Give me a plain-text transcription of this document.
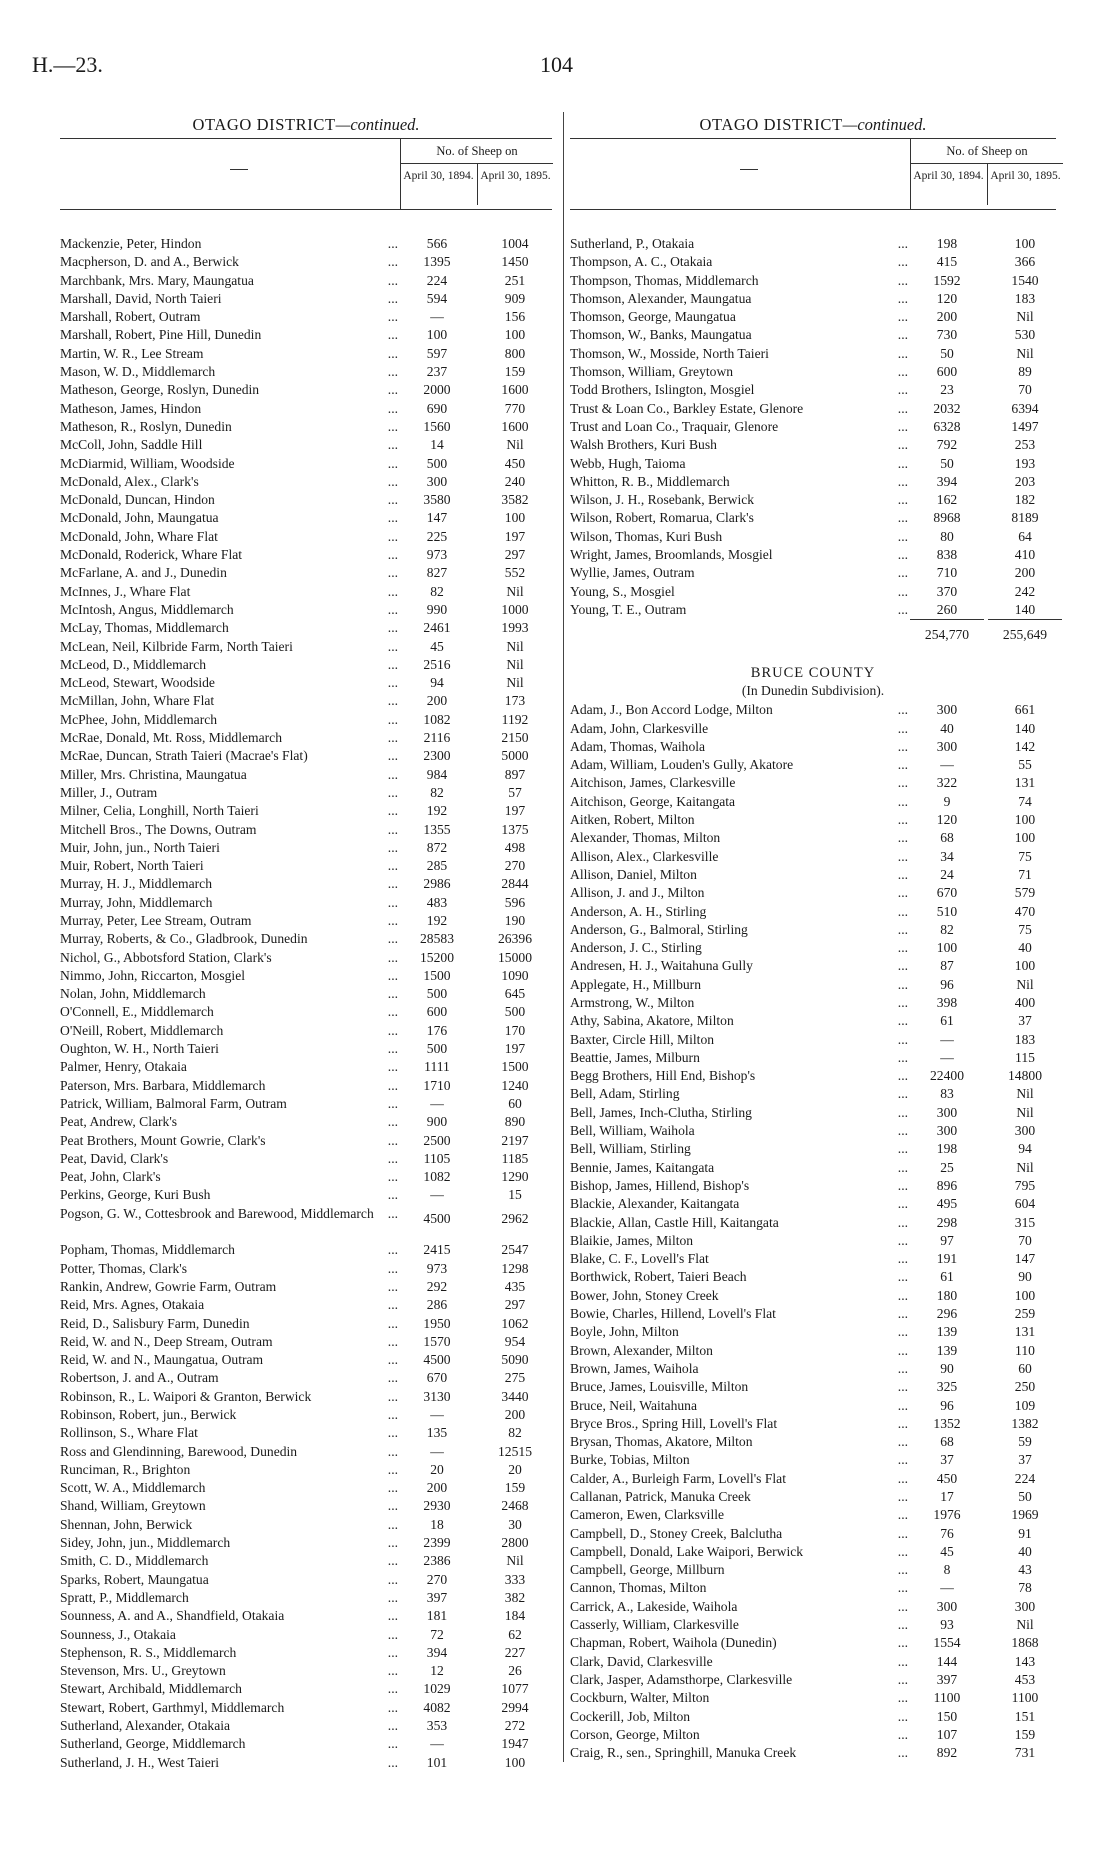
H.—23.	104
OTAGO DISTRICT—continued.
No. of Sheep on
April 30, 1894. April 30, 1895.
Mackenzie, Peter, Hindon	...	566	1004
Macpherson, D. and A., Berwick	...	1395	1450
Marchbank, Mrs. Mary, Maungatua	...	224	251
Marshall, David, North Taieri	...	594	909
Marshall, Robert, Outram	...	—	156
Marshall, Robert, Pine Hill, Dunedin	...	100	100
Martin, W. R., Lee Stream	...	597	800
Mason, W. D., Middlemarch	...	237	159
Matheson, George, Roslyn, Dunedin	...	2000	1600
Matheson, James, Hindon	...	690	770
Matheson, R., Roslyn, Dunedin	...	1560	1600
McColl, John, Saddle Hill	...	14	Nil
McDiarmid, William, Woodside	...	500	450
McDonald, Alex., Clark's	...	300	240
McDonald, Duncan, Hindon	...	3580	3582
McDonald, John, Maungatua	...	147	100
McDonald, John, Whare Flat	...	225	197
McDonald, Roderick, Whare Flat	...	973	297
McFarlane, A. and J., Dunedin	...	827	552
McInnes, J., Whare Flat	...	82	Nil
McIntosh, Angus, Middlemarch	...	990	1000
McLay, Thomas, Middlemarch	...	2461	1993
McLean, Neil, Kilbride Farm, North Taieri	...	45	Nil
McLeod, D., Middlemarch	...	2516	Nil
McLeod, Stewart, Woodside	...	94	Nil
McMillan, John, Whare Flat	...	200	173
McPhee, John, Middlemarch	...	1082	1192
McRae, Donald, Mt. Ross, Middlemarch	...	2116	2150
McRae, Duncan, Strath Taieri (Macrae's Flat)	...	2300	5000
Miller, Mrs. Christina, Maungatua	...	984	897
Miller, J., Outram	...	82	57
Milner, Celia, Longhill, North Taieri	...	192	197
Mitchell Bros., The Downs, Outram	...	1355	1375
Muir, John, jun., North Taieri	...	872	498
Muir, Robert, North Taieri	...	285	270
Murray, H. J., Middlemarch	...	2986	2844
Murray, John, Middlemarch	...	483	596
Murray, Peter, Lee Stream, Outram	...	192	190
Murray, Roberts, & Co., Gladbrook, Dunedin	...	28583	26396
Nichol, G., Abbotsford Station, Clark's	...	15200	15000
Nimmo, John, Riccarton, Mosgiel	...	1500	1090
Nolan, John, Middlemarch	...	500	645
O'Connell, E., Middlemarch	...	600	500
O'Neill, Robert, Middlemarch	...	176	170
Oughton, W. H., North Taieri	...	500	197
Palmer, Henry, Otakaia	...	1111	1500
Paterson, Mrs. Barbara, Middlemarch	...	1710	1240
Patrick, William, Balmoral Farm, Outram	...	—	60
Peat, Andrew, Clark's	...	900	890
Peat Brothers, Mount Gowrie, Clark's	...	2500	2197
Peat, David, Clark's	...	1105	1185
Peat, John, Clark's	...	1082	1290
Perkins, George, Kuri Bush	...	—	15
Pogson, G. W., Cottesbrook and Barewood, Middlemarch	...	4500	2962
Popham, Thomas, Middlemarch	...	2415	2547
Potter, Thomas, Clark's	...	973	1298
Rankin, Andrew, Gowrie Farm, Outram	...	292	435
Reid, Mrs. Agnes, Otakaia	...	286	297
Reid, D., Salisbury Farm, Dunedin	...	1950	1062
Reid, W. and N., Deep Stream, Outram	...	1570	954
Reid, W. and N., Maungatua, Outram	...	4500	5090
Robertson, J. and A., Outram	...	670	275
Robinson, R., L. Waipori & Granton, Berwick	...	3130	3440
Robinson, Robert, jun., Berwick	...	—	200
Rollinson, S., Whare Flat	...	135	82
Ross and Glendinning, Barewood, Dunedin	...	—	12515
Runciman, R., Brighton	...	20	20
Scott, W. A., Middlemarch	...	200	159
Shand, William, Greytown	...	2930	2468
Shennan, John, Berwick	...	18	30
Sidey, John, jun., Middlemarch	...	2399	2800
Smith, C. D., Middlemarch	...	2386	Nil
Sparks, Robert, Maungatua	...	270	333
Spratt, P., Middlemarch	...	397	382
Sounness, A. and A., Shandfield, Otakaia	...	181	184
Sounness, J., Otakaia	...	72	62
Stephenson, R. S., Middlemarch	...	394	227
Stevenson, Mrs. U., Greytown	...	12	26
Stewart, Archibald, Middlemarch	...	1029	1077
Stewart, Robert, Garthmyl, Middlemarch	...	4082	2994
Sutherland, Alexander, Otakaia	...	353	272
Sutherland, George, Middlemarch	...	—	1947
Sutherland, J. H., West Taieri	...	101	100
OTAGO DISTRICT—continued.
No. of Sheep on
April 30, 1894. April 30, 1895.
Sutherland, P., Otakaia	...	198	100
Thompson, A. C., Otakaia	...	415	366
Thompson, Thomas, Middlemarch	...	1592	1540
Thomson, Alexander, Maungatua	...	120	183
Thomson, George, Maungatua	...	200	Nil
Thomson, W., Banks, Maungatua	...	730	530
Thomson, W., Mosside, North Taieri	...	50	Nil
Thomson, William, Greytown	...	600	89
Todd Brothers, Islington, Mosgiel	...	23	70
Trust & Loan Co., Barkley Estate, Glenore	...	2032	6394
Trust and Loan Co., Traquair, Glenore	...	6328	1497
Walsh Brothers, Kuri Bush	...	792	253
Webb, Hugh, Taioma	...	50	193
Whitton, R. B., Middlemarch	...	394	203
Wilson, J. H., Rosebank, Berwick	...	162	182
Wilson, Robert, Romarua, Clark's	...	8968	8189
Wilson, Thomas, Kuri Bush	...	80	64
Wright, James, Broomlands, Mosgiel	...	838	410
Wyllie, James, Outram	...	710	200
Young, S., Mosgiel	...	370	242
Young, T. E., Outram	...	260	140
254,770	255,649
BRUCE COUNTY
(In Dunedin Subdivision).
Adam, J., Bon Accord Lodge, Milton	...	300	661
Adam, John, Clarkesville	...	40	140
Adam, Thomas, Waihola	...	300	142
Adam, William, Louden's Gully, Akatore	...	—	55
Aitchison, James, Clarkesville	...	322	131
Aitchison, George, Kaitangata	...	9	74
Aitken, Robert, Milton	...	120	100
Alexander, Thomas, Milton	...	68	100
Allison, Alex., Clarkesville	...	34	75
Allison, Daniel, Milton	...	24	71
Allison, J. and J., Milton	...	670	579
Anderson, A. H., Stirling	...	510	470
Anderson, G., Balmoral, Stirling	...	82	75
Anderson, J. C., Stirling	...	100	40
Andresen, H. J., Waitahuna Gully	...	87	100
Applegate, H., Millburn	...	96	Nil
Armstrong, W., Milton	...	398	400
Athy, Sabina, Akatore, Milton	...	61	37
Baxter, Circle Hill, Milton	...	—	183
Beattie, James, Milburn	...	—	115
Begg Brothers, Hill End, Bishop's	...	22400	14800
Bell, Adam, Stirling	...	83	Nil
Bell, James, Inch-Clutha, Stirling	...	300	Nil
Bell, William, Waihola	...	300	300
Bell, William, Stirling	...	198	94
Bennie, James, Kaitangata	...	25	Nil
Bishop, James, Hillend, Bishop's	...	896	795
Blackie, Alexander, Kaitangata	...	495	604
Blackie, Allan, Castle Hill, Kaitangata	...	298	315
Blaikie, James, Milton	...	97	70
Blake, C. F., Lovell's Flat	...	191	147
Borthwick, Robert, Taieri Beach	...	61	90
Bower, John, Stoney Creek	...	180	100
Bowie, Charles, Hillend, Lovell's Flat	...	296	259
Boyle, John, Milton	...	139	131
Brown, Alexander, Milton	...	139	110
Brown, James, Waihola	...	90	60
Bruce, James, Louisville, Milton	...	325	250
Bruce, Neil, Waitahuna	...	96	109
Bryce Bros., Spring Hill, Lovell's Flat	...	1352	1382
Brysan, Thomas, Akatore, Milton	...	68	59
Burke, Tobias, Milton	...	37	37
Calder, A., Burleigh Farm, Lovell's Flat	...	450	224
Callanan, Patrick, Manuka Creek	...	17	50
Cameron, Ewen, Clarksville	...	1976	1969
Campbell, D., Stoney Creek, Balclutha	...	76	91
Campbell, Donald, Lake Waipori, Berwick	...	45	40
Campbell, George, Millburn	...	8	43
Cannon, Thomas, Milton	...	—	78
Carrick, A., Lakeside, Waihola	...	300	300
Casserly, William, Clarkesville	...	93	Nil
Chapman, Robert, Waihola (Dunedin)	...	1554	1868
Clark, David, Clarkesville	...	144	143
Clark, Jasper, Adamsthorpe, Clarkesville	...	397	453
Cockburn, Walter, Milton	...	1100	1100
Cockerill, Job, Milton	...	150	151
Corson, George, Milton	...	107	159
Craig, R., sen., Springhill, Manuka Creek	...	892	731
